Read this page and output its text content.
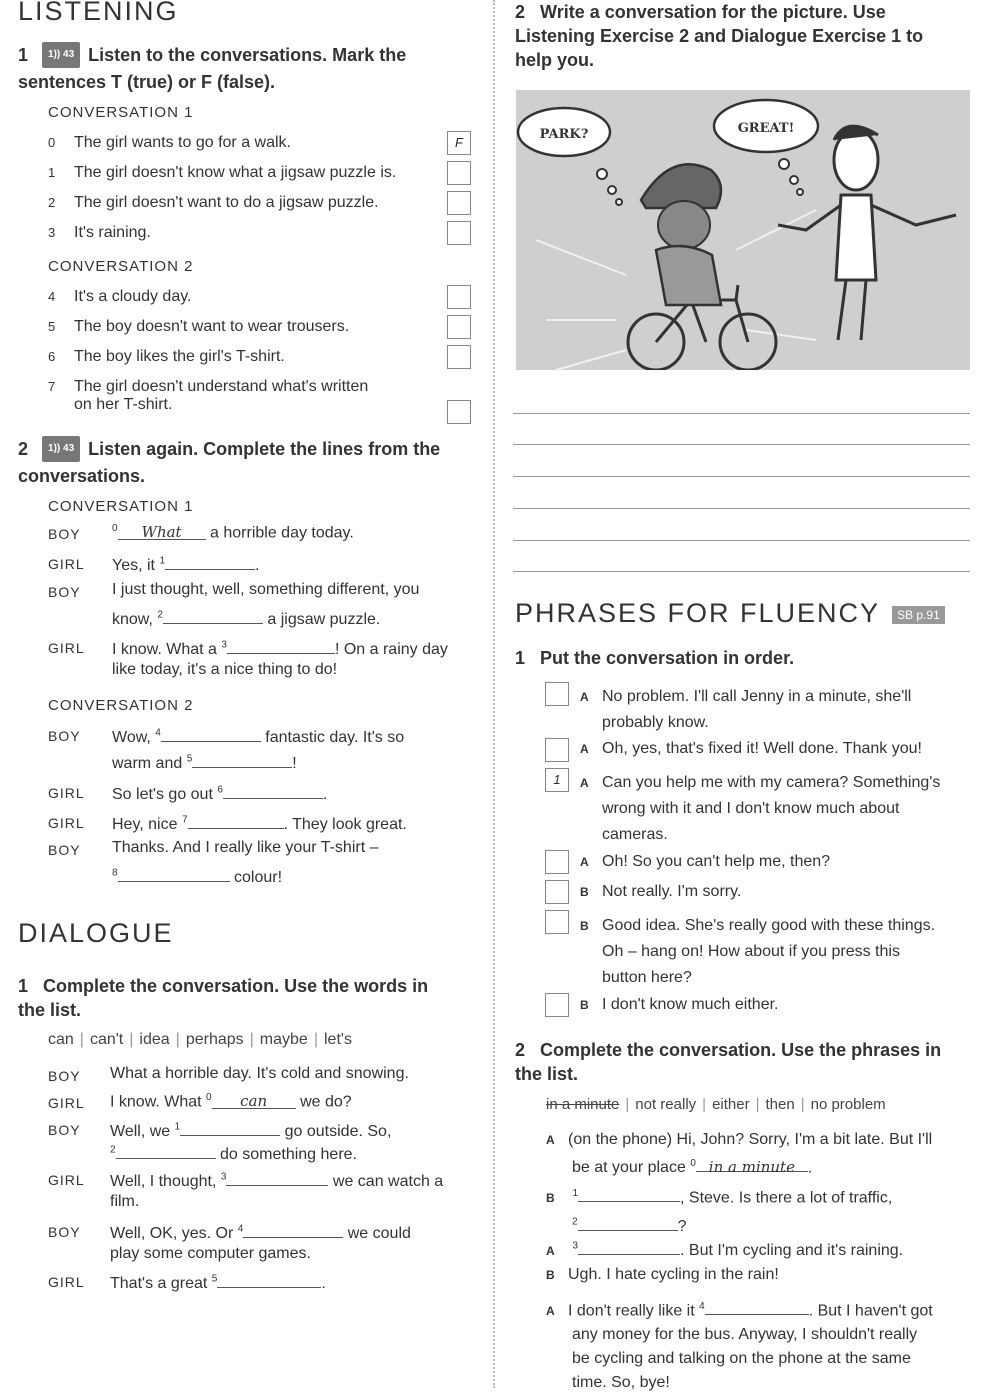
LISTENING
1 1)) 43 Listen to the conversations. Mark the sentences T (true) or F (false).
CONVERSATION 1
0 The girl wants to go for a walk.	F
1 The girl doesn't know what a jigsaw puzzle is.
2 The girl doesn't want to do a jigsaw puzzle.
3 It's raining.
CONVERSATION 2
4 It's a cloudy day.
5 The boy doesn't want to wear trousers.
6 The boy likes the girl's T-shirt.
7 The girl doesn't understand what's written
on her T-shirt.
2 1)) 43 Listen again. Complete the lines from the conversations.
CONVERSATION 1
BOY	$^0$ What a horrible day today.
GIRL Yes, it $^1$	.
BOY I just thought, well, something different, you
know, $^2$	a jigsaw puzzle.
GIRL I know. What a $^3$	! On a rainy day
like today, it's a nice thing to do!
CONVERSATION 2
BOY Wow, $^4$	fantastic day. It's so
warm and $^5$	!
GIRL So let's go out $^6$	.
GIRL Hey, nice $^7$	. They look great.
BOY Thanks. And I really like your T-shirt –
$^8$	colour!
DIALOGUE
1 Complete the conversation. Use the words in the list.
can | can't | idea | perhaps | maybe | let's
BOY What a horrible day. It's cold and snowing.
GIRL I know. What $^0$ can we do?
BOY Well, we $^1$	go outside. So,
$^2$	do something here.
GIRL Well, I thought, $^3$	we can watch a
film.
BOY Well, OK, yes. Or $^4$	we could
play some computer games.
GIRL That's a great $^5$	.
2 Write a conversation for the picture. Use Listening Exercise 2 and Dialogue Exercise 1 to help you.
PARK?	GREAT!
PHRASES FOR FLUENCY SB p.91
1 Put the conversation in order.
A No problem. I'll call Jenny in a minute, she'll
probably know.
A Oh, yes, that's fixed it! Well done. Thank you!
1	A Can you help me with my camera? Something's
wrong with it and I don't know much about
cameras.
A Oh! So you can't help me, then?
B Not really. I'm sorry.
B Good idea. She's really good with these things.
Oh – hang on! How about if you press this
button here?
B I don't know much either.
2 Complete the conversation. Use the phrases in the list.
in a minute | not really | either | then | no problem
A (on the phone) Hi, John? Sorry, I'm a bit late. But I'll
be at your place $^0$ in a minute .
B $^1$	, Steve. Is there a lot of traffic,
$^2$	?
A $^3$	. But I'm cycling and it's raining.
B Ugh. I hate cycling in the rain!
A I don't really like it $^4$	. But I haven't got
any money for the bus. Anyway, I shouldn't really
be cycling and talking on the phone at the same
time. So, bye!
